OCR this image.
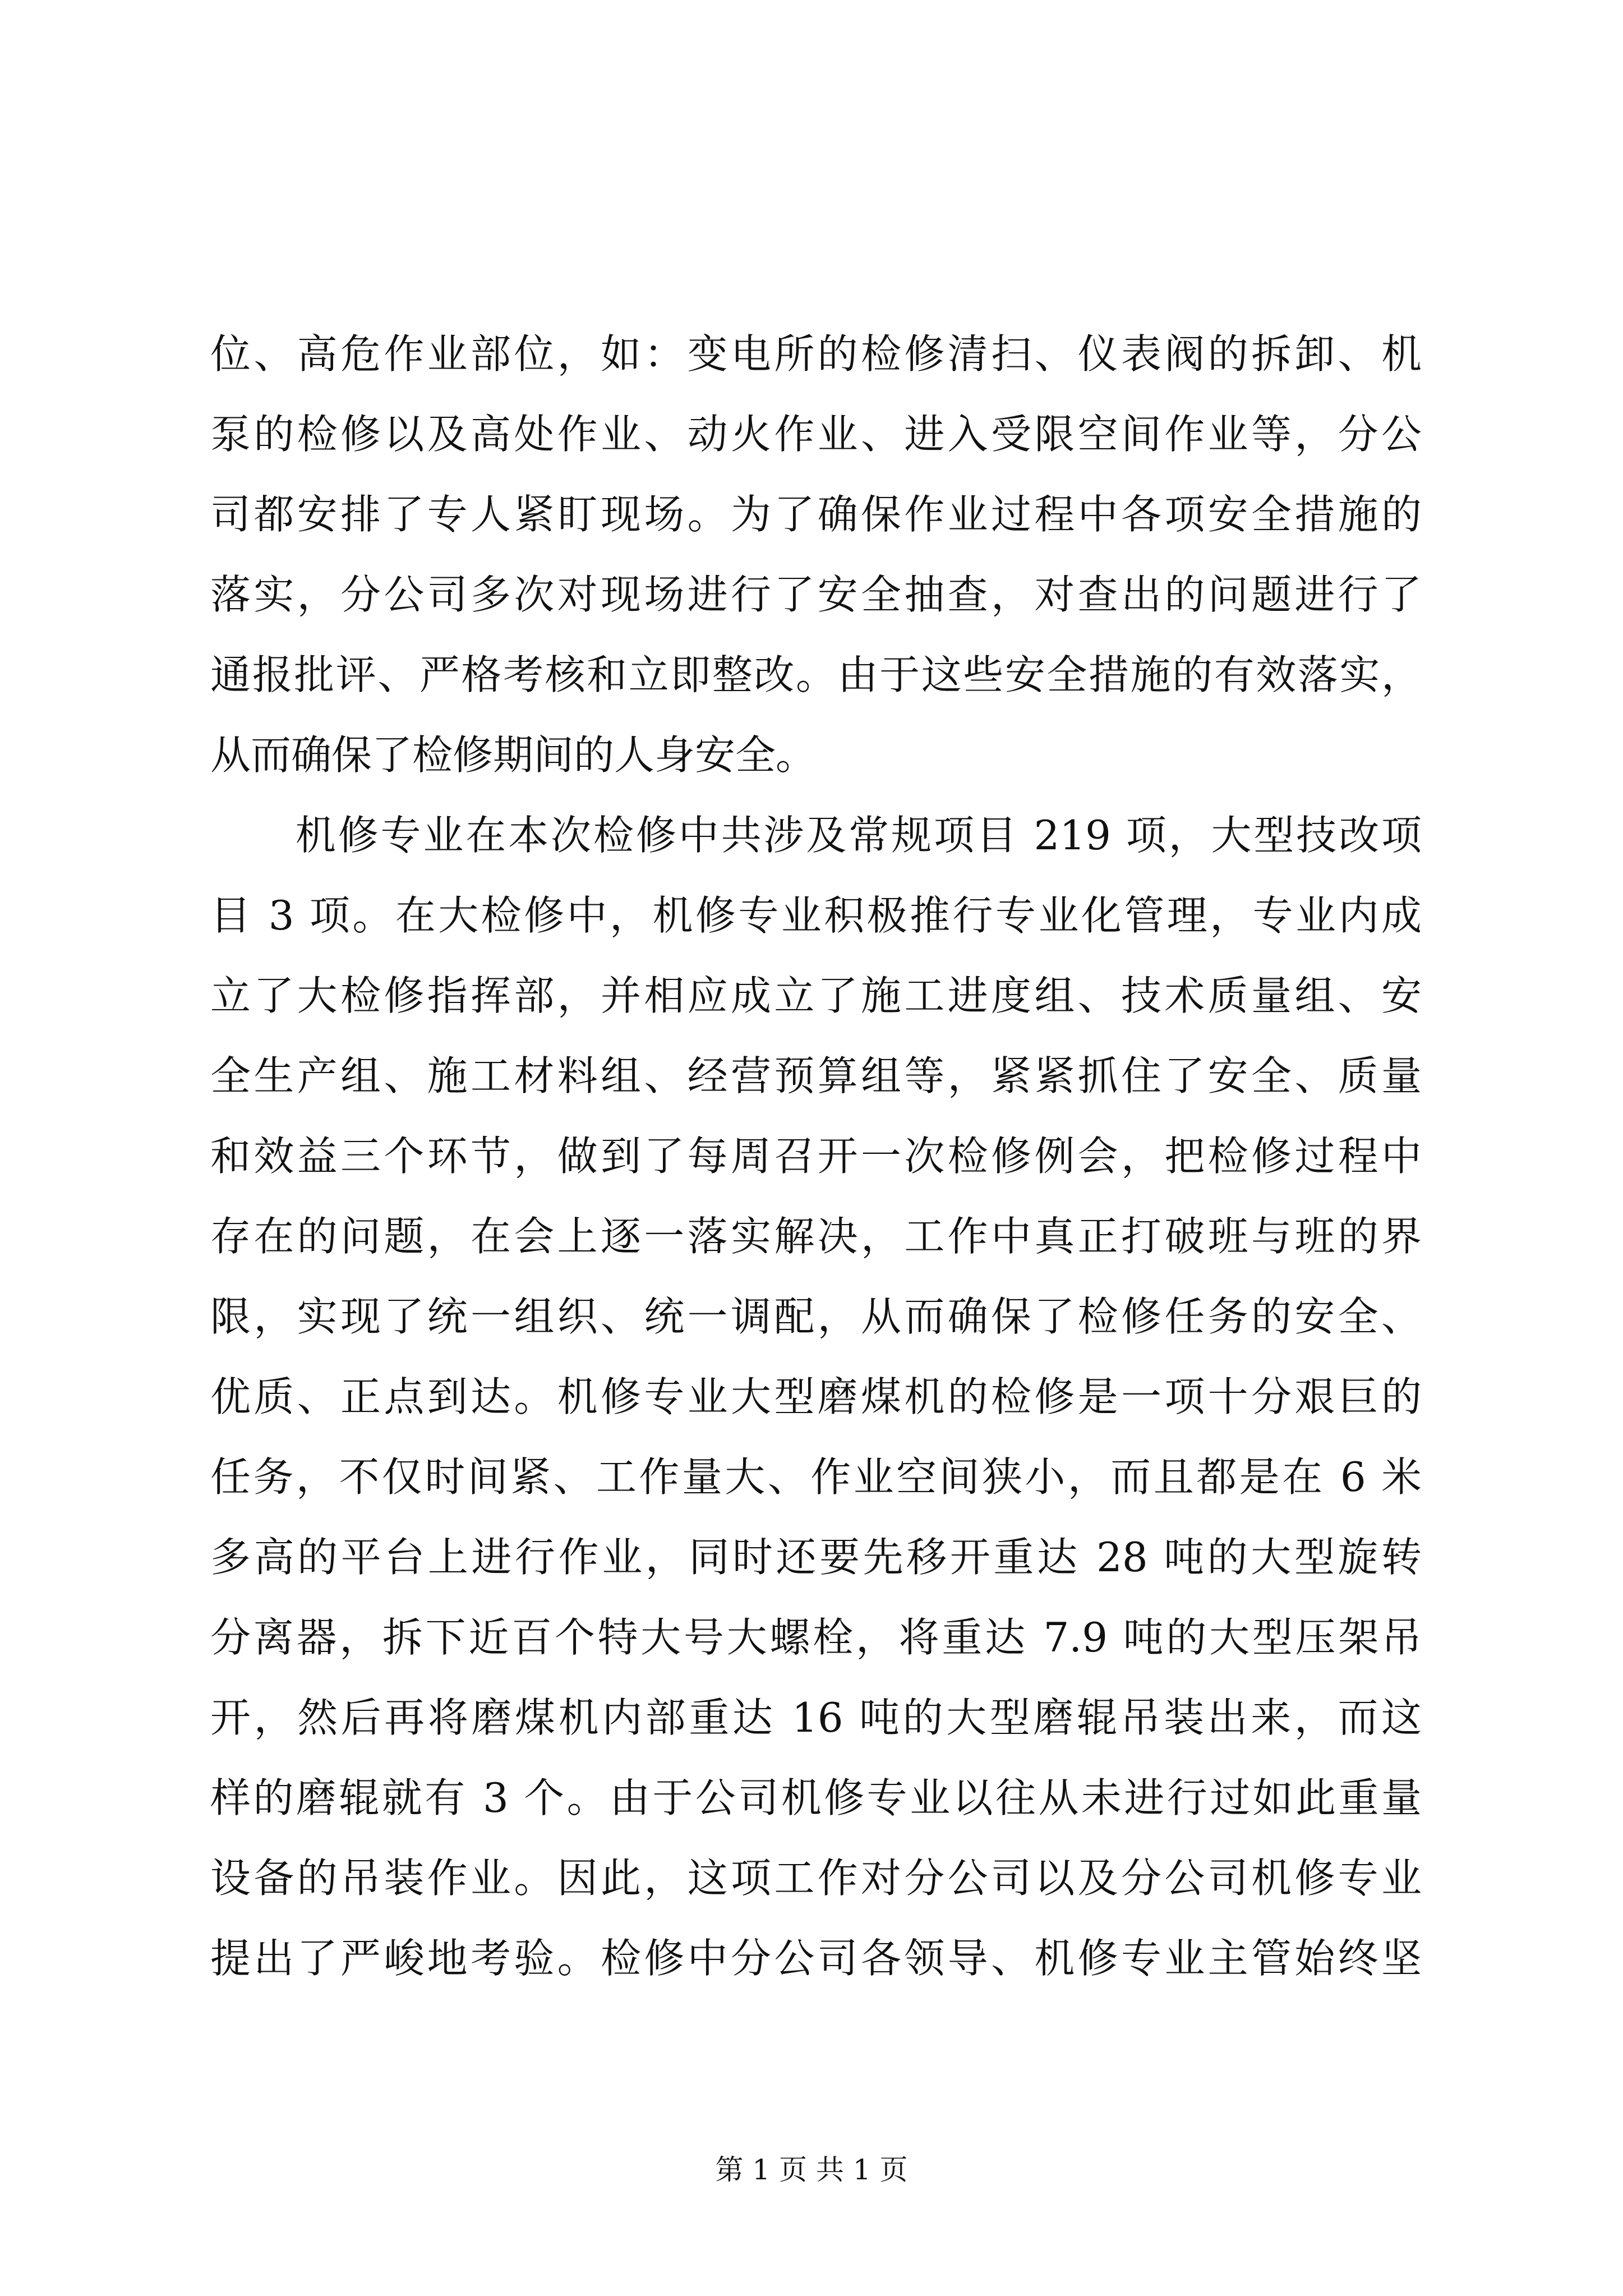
位、高危作业部位，如：变电所的检修清扫、仪表阀的拆卸、机
泵的检修以及高处作业、动火作业、进入受限空间作业等，分公
司都安排了专人紧盯现场。为了确保作业过程中各项安全措施的
落实，分公司多次对现场进行了安全抽查，对查出的问题进行了
通报批评、严格考核和立即整改。由于这些安全措施的有效落实，
从而确保了检修期间的人身安全。
　　机修专业在本次检修中共涉及常规项目 219 项，大型技改项
目 3 项。在大检修中，机修专业积极推行专业化管理，专业内成
立了大检修指挥部，并相应成立了施工进度组、技术质量组、安
全生产组、施工材料组、经营预算组等，紧紧抓住了安全、质量
和效益三个环节，做到了每周召开一次检修例会，把检修过程中
存在的问题，在会上逐一落实解决，工作中真正打破班与班的界
限，实现了统一组织、统一调配，从而确保了检修任务的安全、
优质、正点到达。机修专业大型磨煤机的检修是一项十分艰巨的
任务，不仅时间紧、工作量大、作业空间狭小，而且都是在 6 米
多高的平台上进行作业，同时还要先移开重达 28 吨的大型旋转
分离器，拆下近百个特大号大螺栓，将重达 7.9 吨的大型压架吊
开，然后再将磨煤机内部重达 16 吨的大型磨辊吊装出来，而这
样的磨辊就有 3 个。由于公司机修专业以往从未进行过如此重量
设备的吊装作业。因此，这项工作对分公司以及分公司机修专业
提出了严峻地考验。检修中分公司各领导、机修专业主管始终坚
第 1 页 共 1 页
